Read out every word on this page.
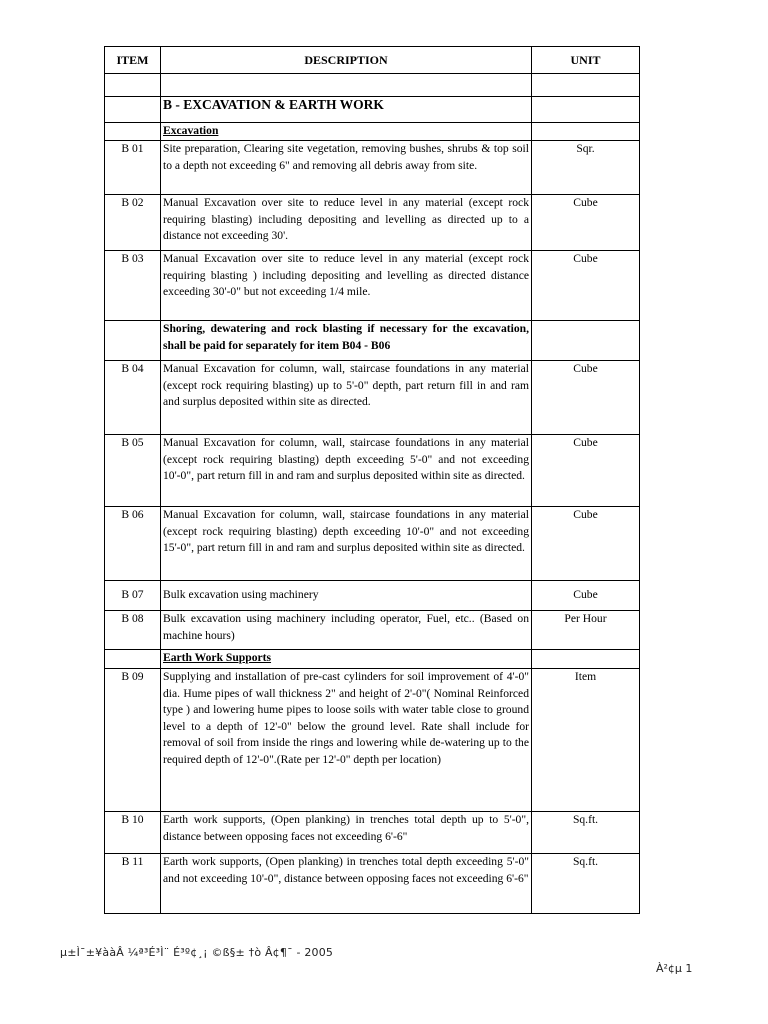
ITEM	DESCRIPTION	UNIT

	B - EXCAVATION & EARTH WORK	
	Excavation	
B 01	Site preparation, Clearing site vegetation, removing bushes, shrubs & top soil to a depth not exceeding 6" and removing all debris away from site.	Sqr.
B 02	Manual Excavation over site to reduce level in any material (except rock requiring blasting) including depositing and levelling as directed up to a distance not exceeding 30'.	Cube
B 03	Manual Excavation over site to reduce level in any material (except rock requiring blasting ) including depositing and levelling as directed distance exceeding 30'-0" but not exceeding 1/4 mile.	Cube
	Shoring, dewatering and rock blasting if necessary for the excavation, shall be paid for separately for item B04 - B06	
B 04	Manual Excavation for column, wall, staircase foundations in any material (except rock requiring blasting) up to 5'-0" depth, part return fill in and ram and surplus deposited within site as directed.	Cube
B 05	Manual Excavation for column, wall, staircase foundations in any material (except rock requiring blasting) depth exceeding 5'-0" and not exceeding 10'-0", part return fill in and ram and surplus deposited within site as directed.	Cube
B 06	Manual Excavation for column, wall, staircase foundations in any material (except rock requiring blasting) depth exceeding 10'-0" and not exceeding 15'-0", part return fill in and ram and surplus deposited within site as directed.	Cube
B 07	Bulk excavation using machinery	Cube
B 08	Bulk excavation using machinery including operator, Fuel, etc.. (Based on machine hours)	Per Hour
	Earth Work Supports	
B 09	Supplying and installation of pre-cast cylinders for soil improvement of 4'-0" dia. Hume pipes of wall thickness 2" and height of 2'-0"( Nominal Reinforced type ) and lowering hume pipes to loose soils with water table close to ground level to a depth of 12'-0" below the ground level. Rate shall include for removal of soil from inside the rings and lowering while de-watering up to the required depth of 12'-0".(Rate per 12'-0" depth per location)	Item
B 10	Earth work supports, (Open planking) in trenches total depth up to 5'-0", distance between opposing faces not exceeding 6'-6"	Sq.ft.
B 11	Earth work supports, (Open planking) in trenches total depth exceeding 5'-0" and not exceeding 10'-0", distance between opposing faces not exceeding 6'-6"	Sq.ft.
µ±Ì¯±¥ààÂ ¼ª³É³Ì¨ É³º¢¸¡ ©ß§± †ò Â¢¶¯ - 2005
À²¢µ 1
